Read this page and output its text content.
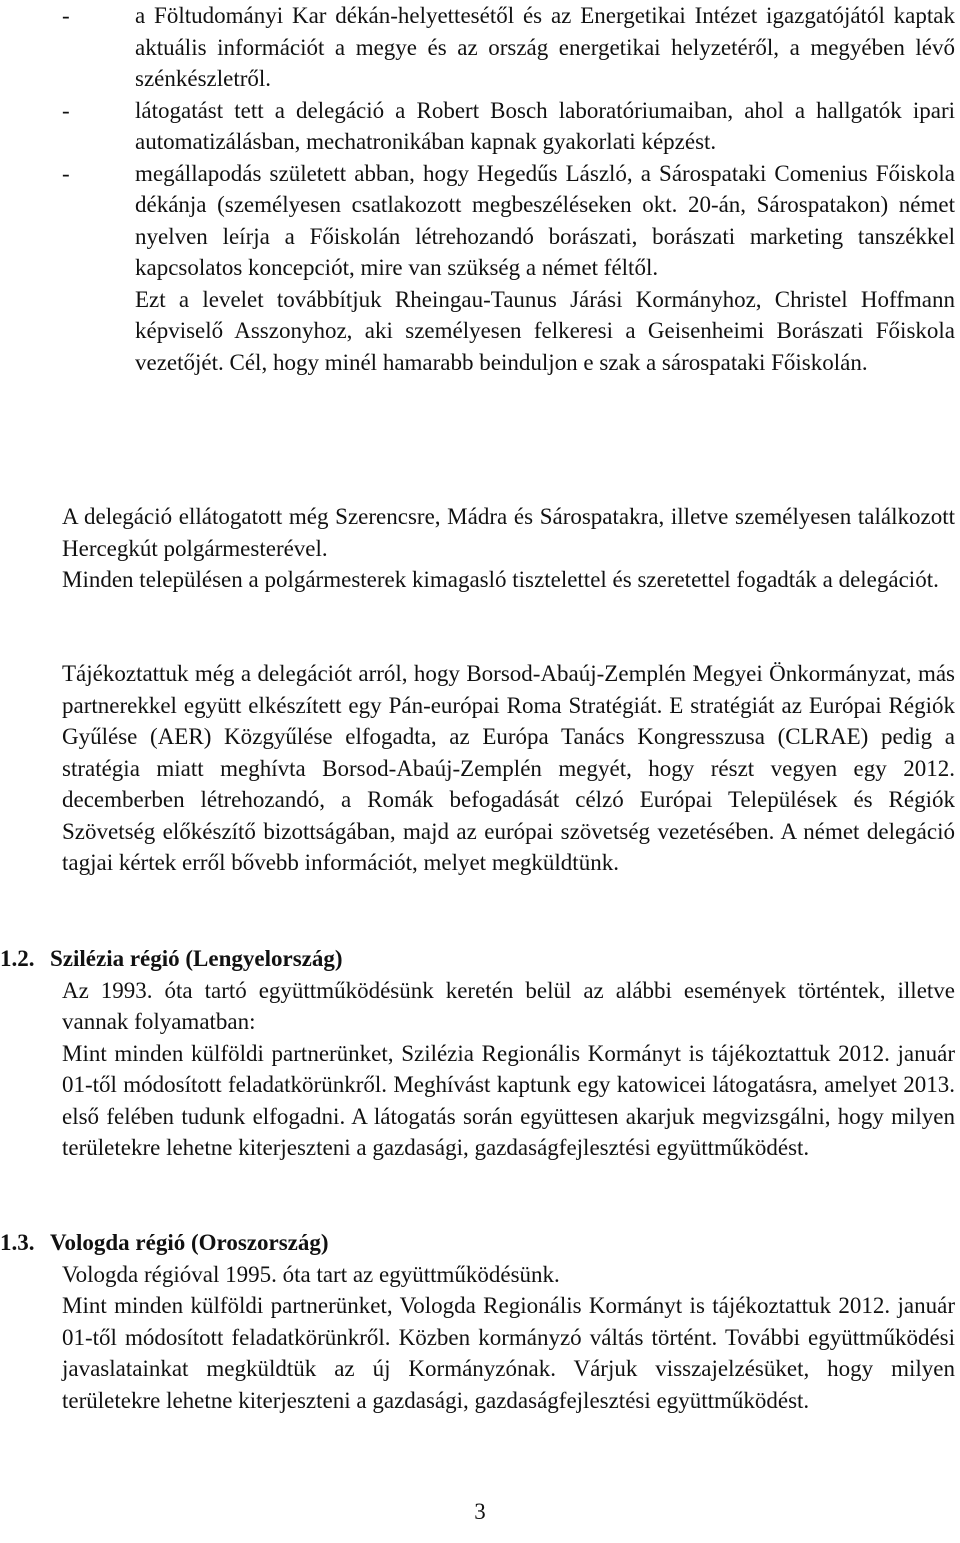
-	a Föltudományi Kar dékán-helyettesétől és az Energetikai Intézet igazgatójától kaptak aktuális információt a megye és az ország energetikai helyzetéről, a megyében lévő szénkészletről.
-	látogatást tett a delegáció a Robert Bosch laboratóriumaiban, ahol a hallgatók ipari automatizálásban, mechatronikában kapnak gyakorlati képzést.
-	megállapodás született abban, hogy Hegedűs László, a Sárospataki Comenius Főiskola dékánja (személyesen csatlakozott megbeszéléseken okt. 20-án, Sárospatakon) német nyelven leírja a Főiskolán létrehozandó borászati, borászati marketing tanszékkel kapcsolatos koncepciót, mire van szükség a német féltől.
Ezt a levelet továbbítjuk Rheingau-Taunus Járási Kormányhoz, Christel Hoffmann képviselő Asszonyhoz, aki személyesen felkeresi a Geisenheimi Borászati Főiskola vezetőjét. Cél, hogy minél hamarabb beinduljon e szak a sárospataki Főiskolán.

A delegáció ellátogatott még Szerencsre, Mádra és Sárospatakra, illetve személyesen találkozott Hercegkút polgármesterével.

Minden településen a polgármesterek kimagasló tisztelettel és szeretettel fogadták a delegációt.

Tájékoztattuk még a delegációt arról, hogy Borsod-Abaúj-Zemplén Megyei Önkormányzat, más partnerekkel együtt elkészített egy Pán-európai Roma Stratégiát. E stratégiát az Európai Régiók Gyűlése (AER) Közgyűlése elfogadta, az Európa Tanács Kongresszusa (CLRAE) pedig a stratégia miatt meghívta Borsod-Abaúj-Zemplén megyét, hogy részt vegyen egy 2012. decemberben létrehozandó, a Romák befogadását célzó Európai Települések és Régiók Szövetség előkészítő bizottságában, majd az európai szövetség vezetésében. A német delegáció tagjai kértek erről bővebb információt, melyet megküldtünk.

1.2. Szilézia régió (Lengyelország)

Az 1993. óta tartó együttműködésünk keretén belül az alábbi események történtek, illetve vannak folyamatban:

Mint minden külföldi partnerünket, Szilézia Regionális Kormányt is tájékoztattuk 2012. január 01-től módosított feladatkörünkről. Meghívást kaptunk egy katowicei látogatásra, amelyet 2013. első felében tudunk elfogadni. A látogatás során együttesen akarjuk megvizsgálni, hogy milyen területekre lehetne kiterjeszteni a gazdasági, gazdaságfejlesztési együttműködést.

1.3. Vologda régió (Oroszország)

Vologda régióval 1995. óta tart az együttműködésünk.

Mint minden külföldi partnerünket, Vologda Regionális Kormányt is tájékoztattuk 2012. január 01-től módosított feladatkörünkről. Közben kormányzó váltás történt. További együttműködési javaslatainkat megküldtük az új Kormányzónak. Várjuk visszajelzésüket, hogy milyen területekre lehetne kiterjeszteni a gazdasági, gazdaságfejlesztési együttműködést.

3
